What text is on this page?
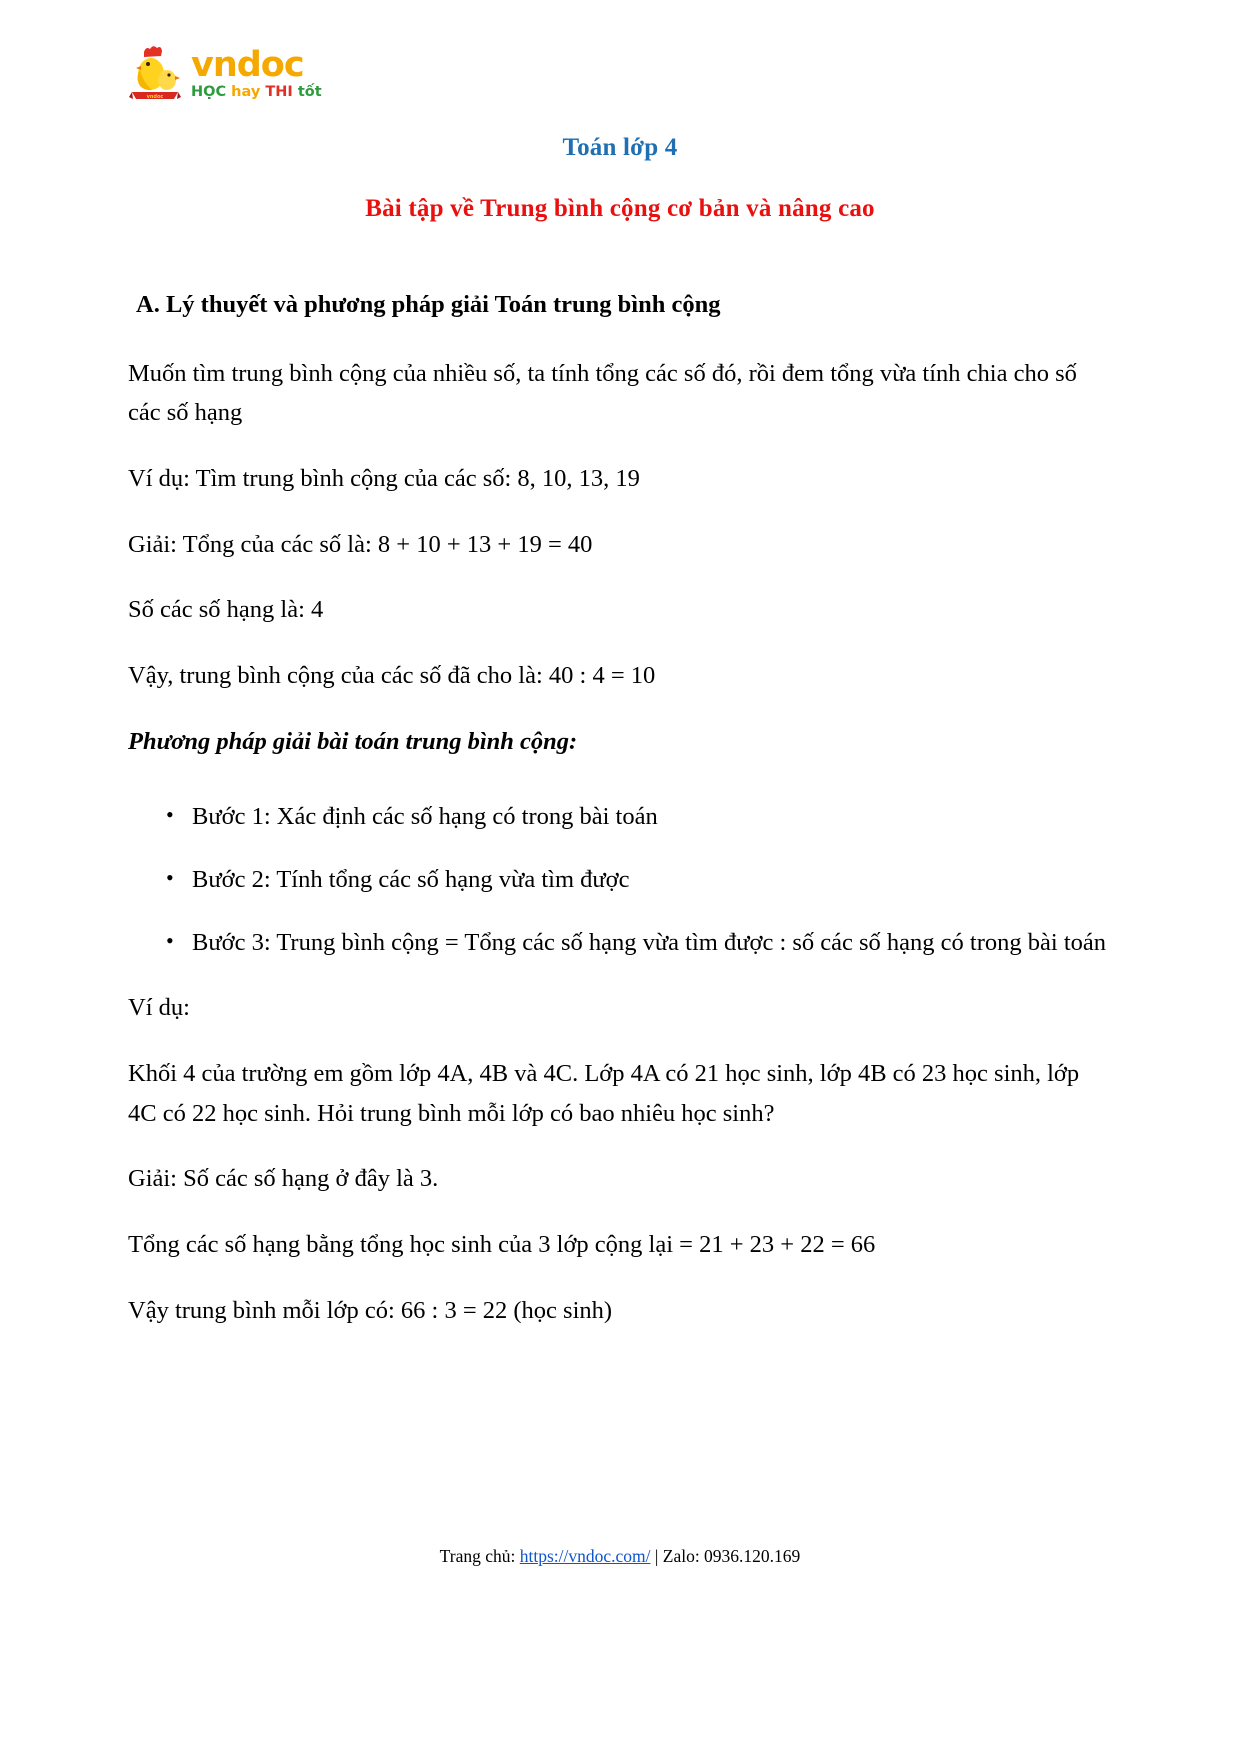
vndoc
vndoc
HỌC hay THI tốt
Toán lớp 4
Bài tập về Trung bình cộng cơ bản và nâng cao
A. Lý thuyết và phương pháp giải Toán trung bình cộng

Muốn tìm trung bình cộng của nhiều số, ta tính tổng các số đó, rồi đem tổng vừa tính chia cho số các số hạng

Ví dụ: Tìm trung bình cộng của các số: 8, 10, 13, 19

Giải: Tổng của các số là: 8 + 10 + 13 + 19 = 40

Số các số hạng là: 4

Vậy, trung bình cộng của các số đã cho là: 40 : 4 = 10

Phương pháp giải bài toán trung bình cộng:

• Bước 1: Xác định các số hạng có trong bài toán
• Bước 2: Tính tổng các số hạng vừa tìm được
• Bước 3: Trung bình cộng = Tổng các số hạng vừa tìm được : số các số hạng có trong bài toán

Ví dụ:

Khối 4 của trường em gồm lớp 4A, 4B và 4C. Lớp 4A có 21 học sinh, lớp 4B có 23 học sinh, lớp 4C có 22 học sinh. Hỏi trung bình mỗi lớp có bao nhiêu học sinh?

Giải: Số các số hạng ở đây là 3.

Tổng các số hạng bằng tổng học sinh của 3 lớp cộng lại = 21 + 23 + 22 = 66

Vậy trung bình mỗi lớp có: 66 : 3 = 22 (học sinh)

Trang chủ: https://vndoc.com/ | Zalo: 0936.120.169
